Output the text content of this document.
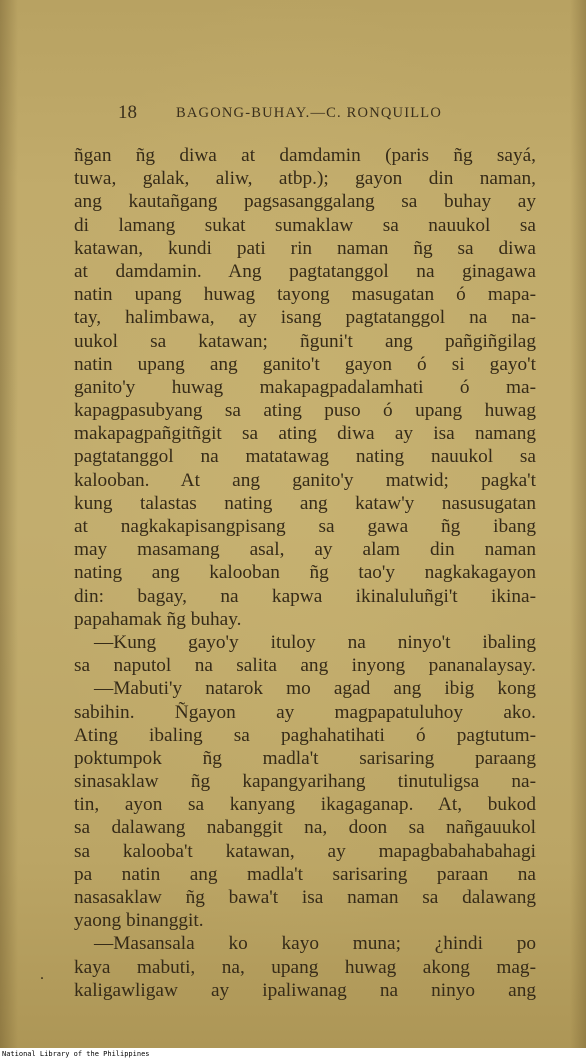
18	BAGONG-BUHAY.—C. RONQUILLO
ñgan ñg diwa at damdamin (paris ñg sayá,
tuwa, galak, aliw, atbp.); gayon din naman,
ang kautañgang pagsasanggalang sa buhay ay
di lamang sukat sumaklaw sa nauukol sa
katawan, kundi pati rin naman ñg sa diwa
at damdamin. Ang pagtatanggol na ginagawa
natin upang huwag tayong masugatan ó mapa-
tay, halimbawa, ay isang pagtatanggol na na-
uukol sa katawan; ñguni't ang pañgiñgilag
natin upang ang ganito't gayon ó si gayo't
ganito'y huwag makapagpadalamhati ó ma-
kapagpasubyang sa ating puso ó upang huwag
makapagpañgitñgit sa ating diwa ay isa namang
pagtatanggol na matatawag nating nauukol sa
kalooban. At ang ganito'y matwid; pagka't
kung talastas nating ang kataw'y nasusugatan
at nagkakapisangpisang sa gawa ñg ibang
may masamang asal, ay alam din naman
nating ang kalooban ñg tao'y nagkakagayon
din: bagay, na kapwa ikinaluluñgi't ikina-
papahamak ñg buhay.
—Kung gayo'y ituloy na ninyo't ibaling
sa naputol na salita ang inyong pananalaysay.
—Mabuti'y natarok mo agad ang ibig kong
sabihin. Ñgayon ay magpapatuluhoy ako.
Ating ibaling sa paghahatihati ó pagtutum-
poktumpok ñg madla't sarisaring paraang
sinasaklaw ñg kapangyarihang tinutuligsa na-
tin, ayon sa kanyang ikagaganap. At, bukod
sa dalawang nabanggit na, doon sa nañgauukol
sa kalooba't katawan, ay mapagbabahabahagi
pa natin ang madla't sarisaring paraan na
nasasaklaw ñg bawa't isa naman sa dalawang
yaong binanggit.
—Masansala ko kayo muna; ¿hindi po
kaya mabuti, na, upang huwag akong mag-
kaligawligaw ay ipaliwanag na ninyo ang
.
National Library of the Philippines
